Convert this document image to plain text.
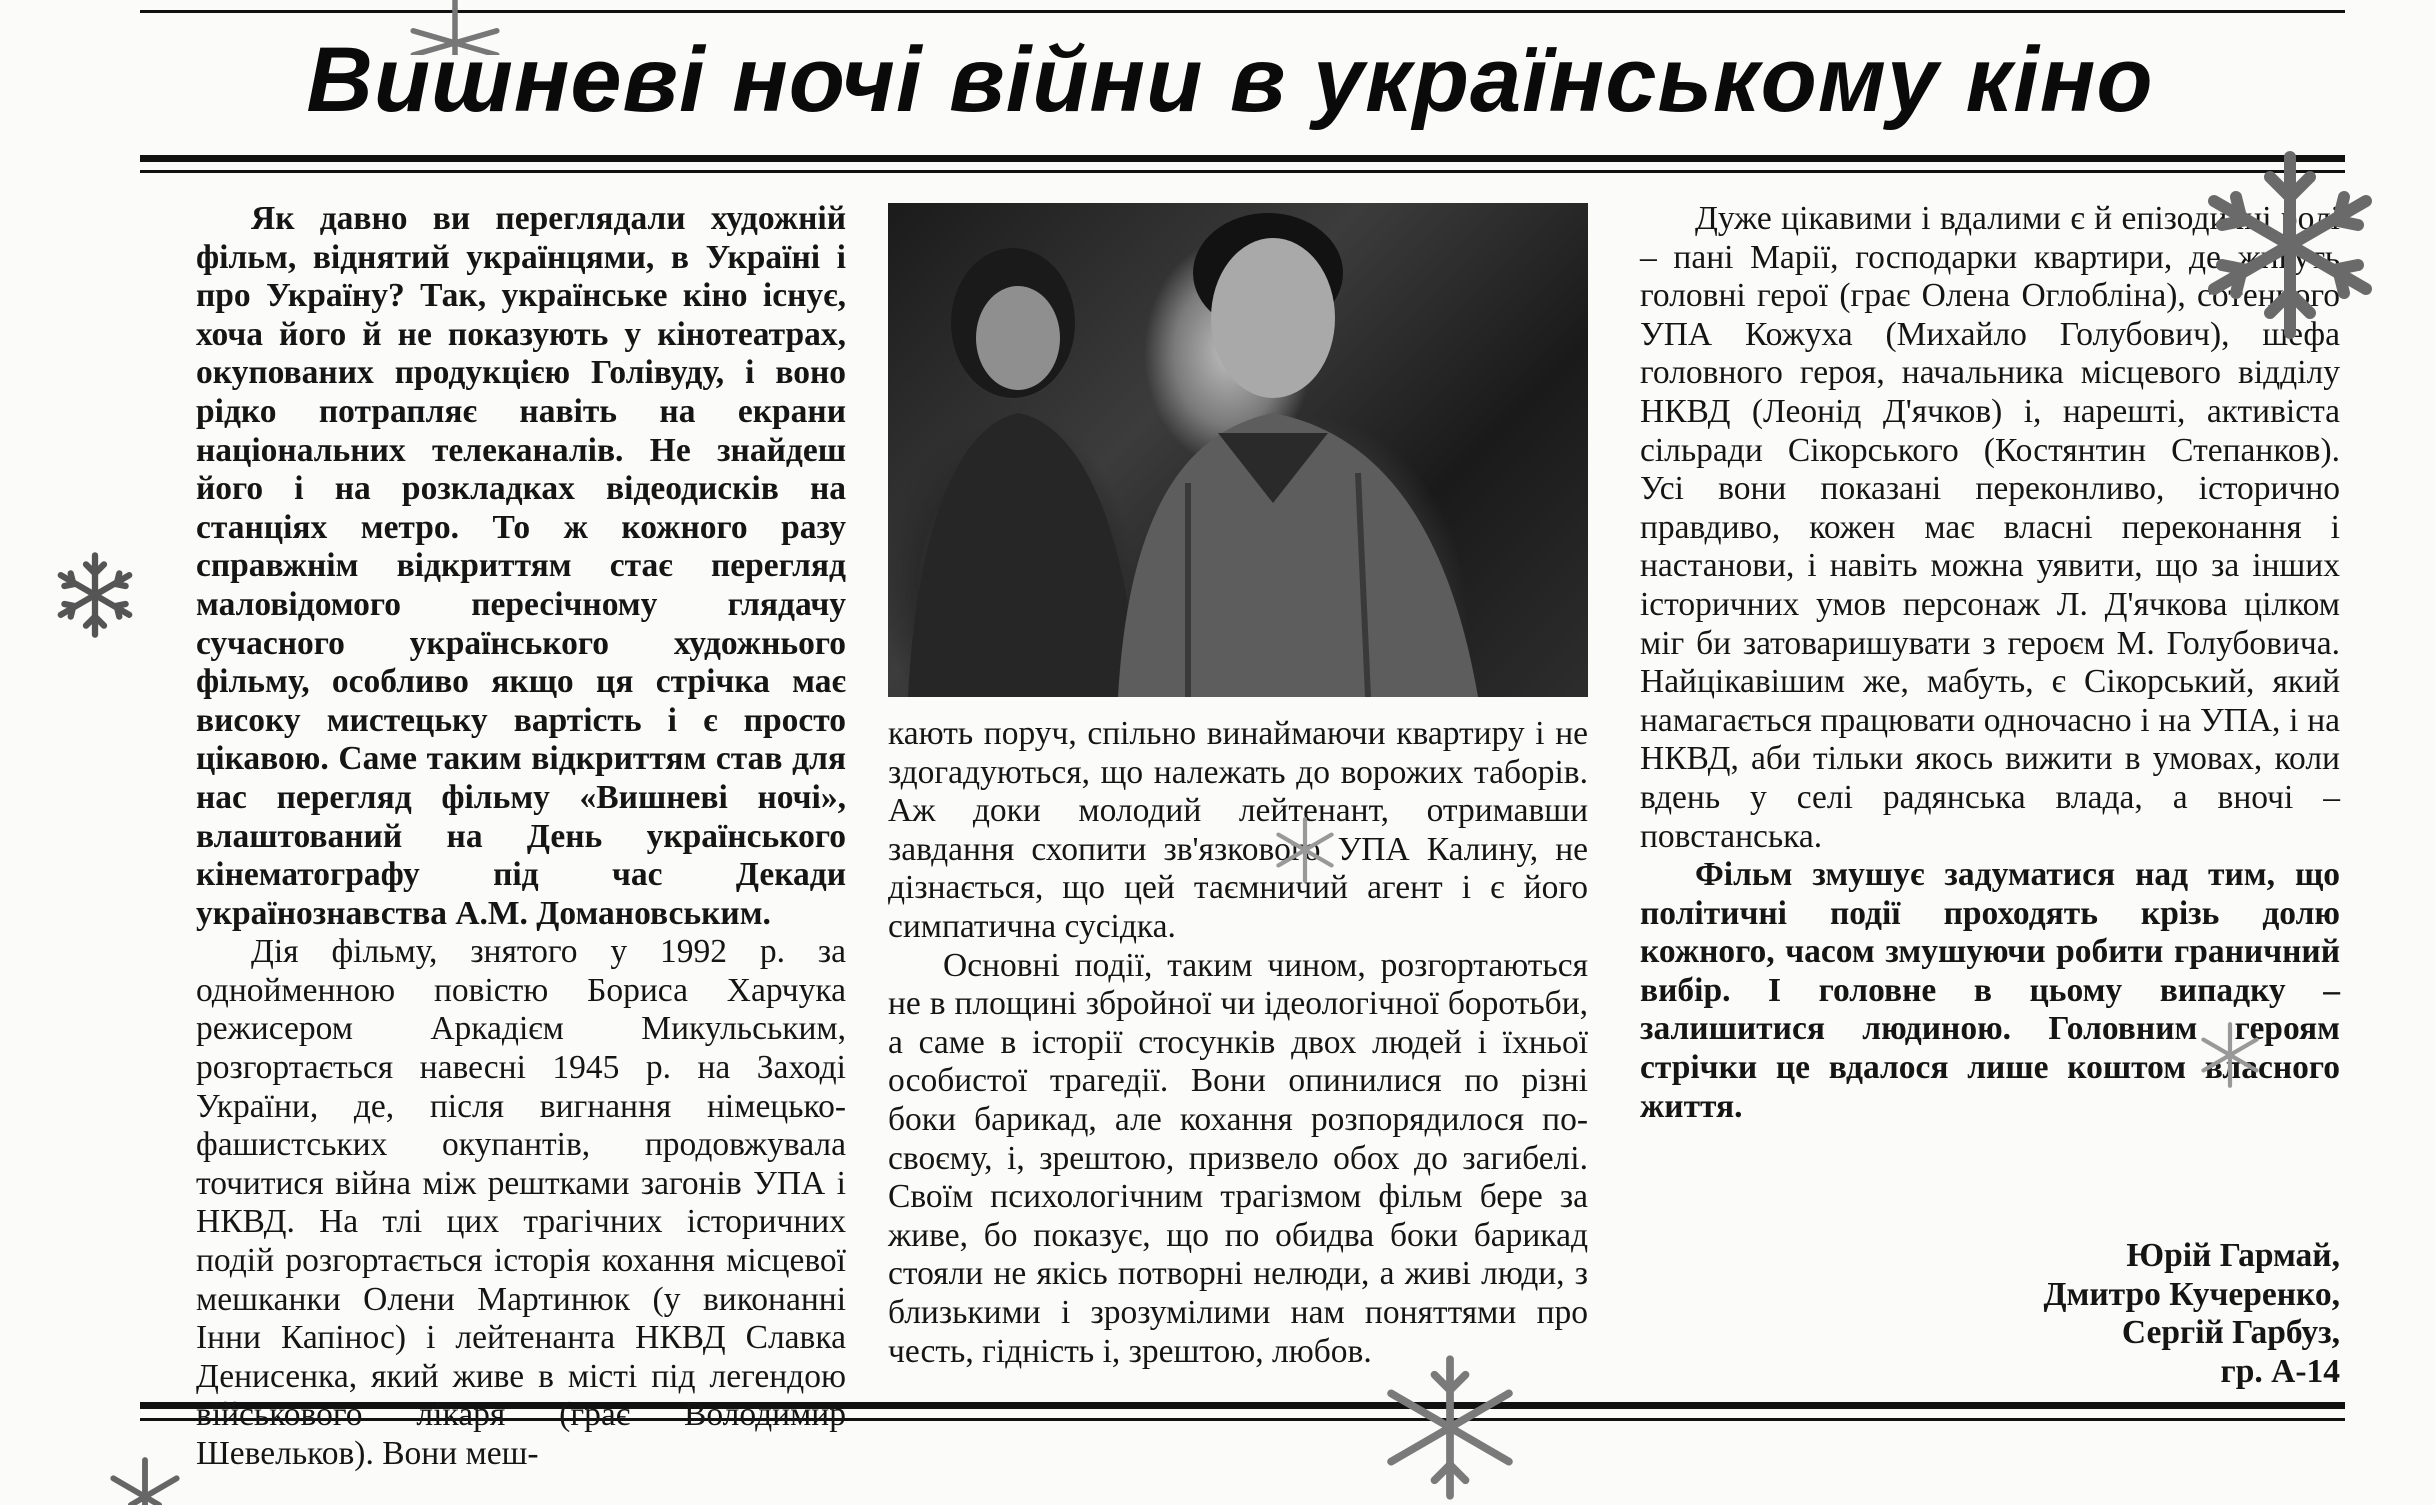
Вишневі ночі війни в українському кіно

Як давно ви переглядали художній фільм, віднятий українцями, в Україні і про Україну? Так, українське кіно існує, хоча його й не показують у кінотеатрах, окупованих продукцією Голівуду, і воно рідко потрапляє навіть на екрани національних телеканалів. Не знайдеш його і на розкладках відеодисків на станціях метро. То ж кожного разу справжнім відкриттям стає перегляд маловідомого пересічному глядачу сучасного українського художнього фільму, особливо якщо ця стрічка має високу мистецьку вартість і є просто цікавою. Саме таким відкриттям став для нас перегляд фільму «Вишневі ночі», влаштований на День українського кінематографу під час Декади українознавства А.М. Домановським.

Дія фільму, знятого у 1992 р. за однойменною повістю Бориса Харчука режисером Аркадієм Микульським, розгортається навесні 1945 р. на Заході України, де, після вигнання німецько-фашистських окупантів, продовжувала точитися війна між рештками загонів УПА і НКВД. На тлі цих трагічних історичних подій розгортається історія кохання місцевої мешканки Олени Мартинюк (у виконанні Інни Капінос) і лейтенанта НКВД Славка Денисенка, який живе в місті під легендою військового лікаря (грає Володимир Шевельков). Вони меш-

кають поруч, спільно винаймаючи квартиру і не здогадуються, що належать до ворожих таборів. Аж доки молодий лейтенант, отримавши завдання схопити зв'язкового УПА Калину, не дізнається, що цей таємничий агент і є його симпатична сусідка.

Основні події, таким чином, розгортаються не в площині збройної чи ідеологічної боротьби, а саме в історії стосунків двох людей і їхньої особистої трагедії. Вони опинилися по різні боки барикад, але кохання розпорядилося по-своєму, і, зрештою, призвело обох до загибелі. Своїм психологічним трагізмом фільм бере за живе, бо показує, що по обидва боки барикад стояли не якісь потворні нелюди, а живі люди, з близькими і зрозумілими нам поняттями про честь, гідність і, зрештою, любов.

Дуже цікавими і вдалими є й епізодичні ролі – пані Марії, господарки квартири, де живуть головні герої (грає Олена Оглобліна), сотенного УПА Кожуха (Михайло Голубович), шефа головного героя, начальника місцевого відділу НКВД (Леонід Д'ячков) і, нарешті, активіста сільради Сікорського (Костянтин Степанков). Усі вони показані переконливо, історично правдиво, кожен має власні переконання і настанови, і навіть можна уявити, що за інших історичних умов персонаж Л. Д'ячкова цілком міг би затоваришувати з героєм М. Голубовича. Найцікавішим же, мабуть, є Сікорський, який намагається працювати одночасно і на УПА, і на НКВД, аби тільки якось вижити в умовах, коли вдень у селі радянська влада, а вночі – повстанська.

Фільм змушує задуматися над тим, що політичні події проходять крізь долю кожного, часом змушуючи робити граничний вибір. І головне в цьому випадку – залишитися людиною. Головним героям стрічки це вдалося лише коштом власного життя.

Юрій Гармай,
Дмитро Кучеренко,
Сергій Гарбуз,
гр. А-14
